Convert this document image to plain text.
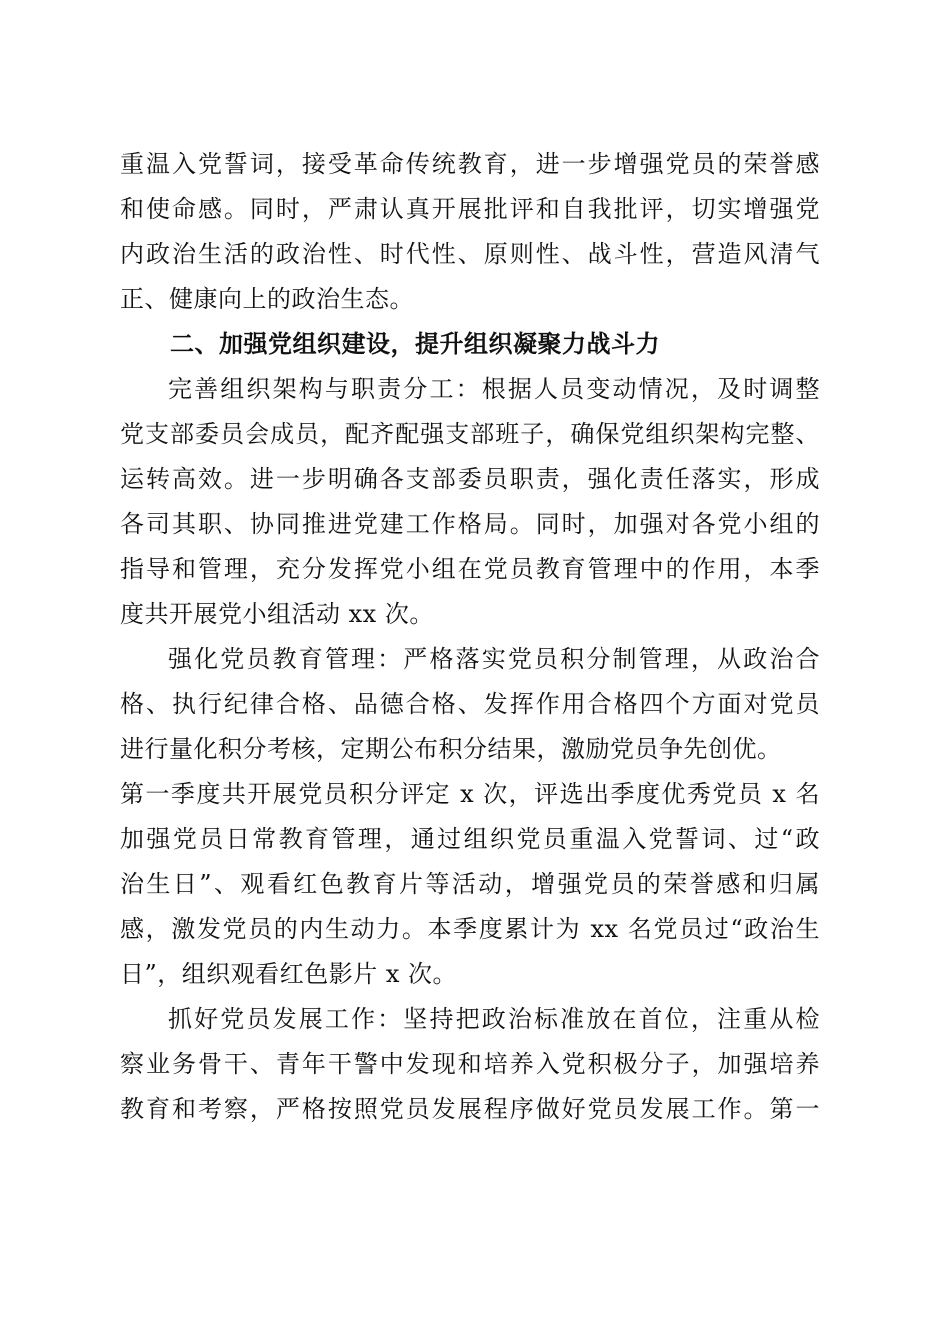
重温入党誓词，接受革命传统教育，进一步增强党员的荣誉感
和使命感。同时，严肃认真开展批评和自我批评，切实增强党
内政治生活的政治性、时代性、原则性、战斗性，营造风清气
正、健康向上的政治生态。
二、加强党组织建设，提升组织凝聚力战斗力
完善组织架构与职责分工：根据人员变动情况，及时调整
党支部委员会成员，配齐配强支部班子，确保党组织架构完整、
运转高效。进一步明确各支部委员职责，强化责任落实，形成
各司其职、协同推进党建工作格局。同时，加强对各党小组的
指导和管理，充分发挥党小组在党员教育管理中的作用，本季
度共开展党小组活动 xx 次。
强化党员教育管理：严格落实党员积分制管理，从政治合
格、执行纪律合格、品德合格、发挥作用合格四个方面对党员
进行量化积分考核，定期公布积分结果，激励党员争先创优。
第一季度共开展党员积分评定 x 次，评选出季度优秀党员 x 名
加强党员日常教育管理，通过组织党员重温入党誓词、过“政
治生日”、观看红色教育片等活动，增强党员的荣誉感和归属
感，激发党员的内生动力。本季度累计为 xx 名党员过“政治生
日”，组织观看红色影片 x 次。
抓好党员发展工作：坚持把政治标准放在首位，注重从检
察业务骨干、青年干警中发现和培养入党积极分子，加强培养
教育和考察，严格按照党员发展程序做好党员发展工作。第一
